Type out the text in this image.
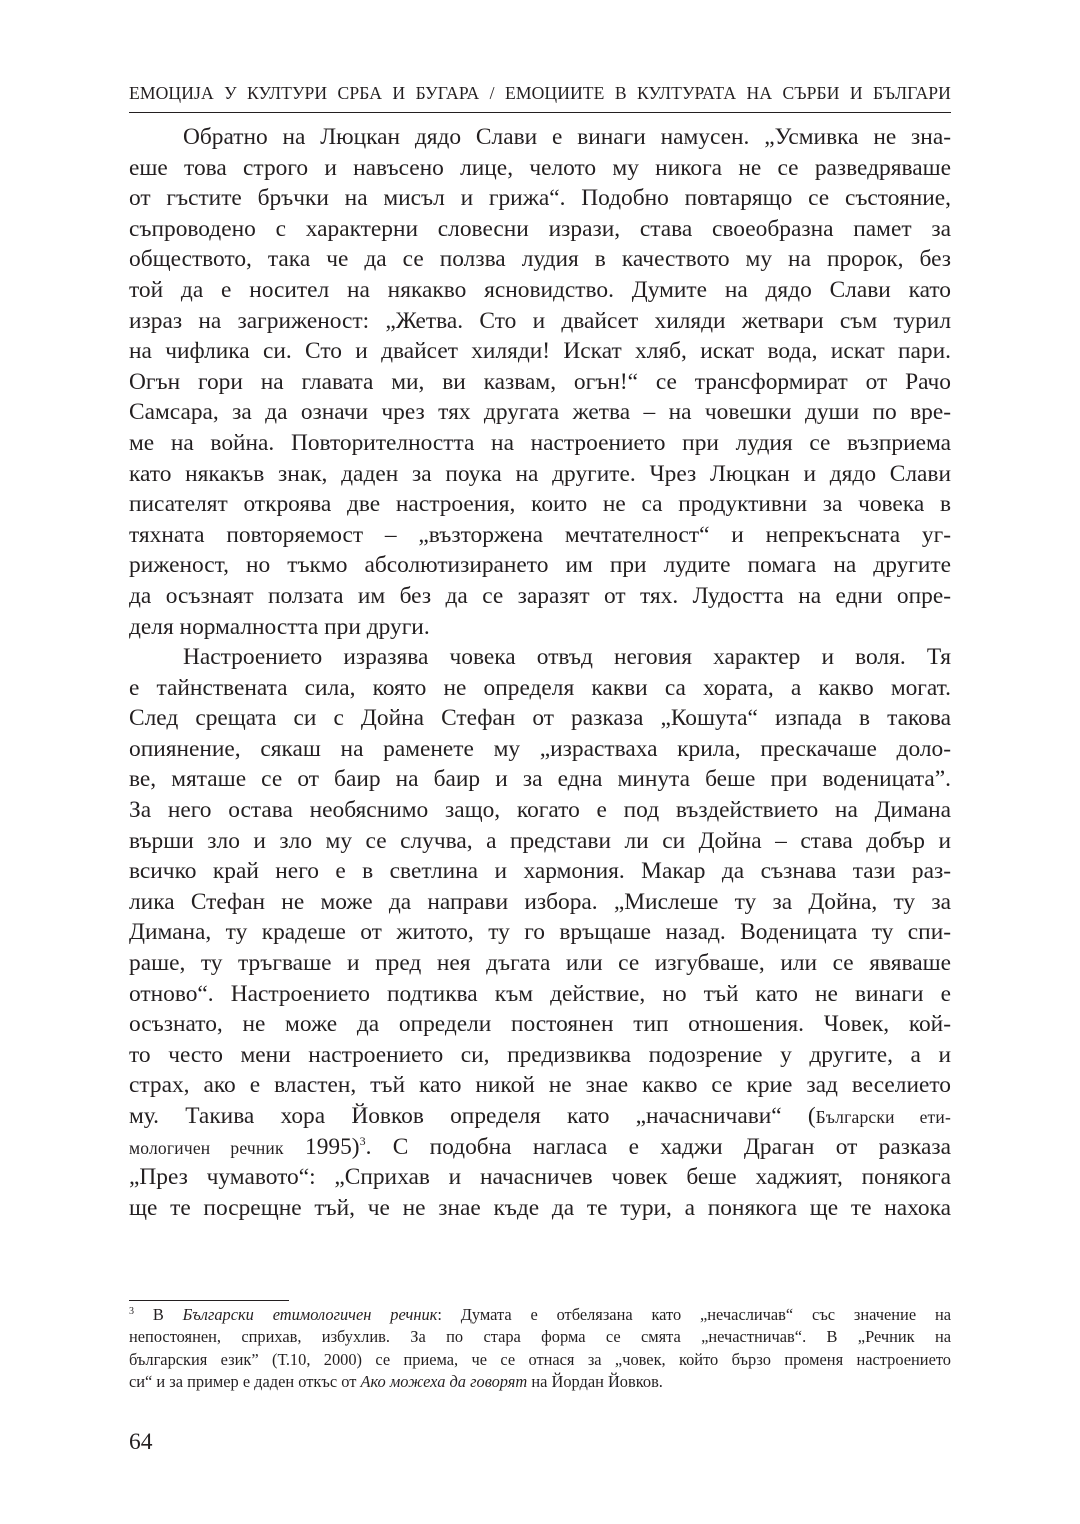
ЕМОЦИЈА У КУЛТУРИ СРБА И БУГАРА / ЕМОЦИИТЕ В КУЛТУРАТА НА СЪРБИ И БЪЛГАРИ
Обратно на Люцкан дядо Слави е винаги намусен. „Усмивка не зна-
еше това строго и навъсено лице, челото му никога не се разведряваше
от гъстите бръчки на мисъл и грижа“. Подобно повтарящо се състояние,
съпроводено с характерни словесни изрази, става своеобразна памет за
обществото, така че да се ползва лудия в качеството му на пророк, без
той да е носител на някакво ясновидство. Думите на дядо Слави като
израз на загриженост: „Жетва. Сто и двайсет хиляди жетвари съм турил
на чифлика си. Сто и двайсет хиляди! Искат хляб, искат вода, искат пари.
Огън гори на главата ми, ви казвам, огън!“ се трансформират от Рачо
Самсара, за да означи чрез тях другата жетва – на човешки души по вре-
ме на война. Повторителността на настроението при лудия се възприема
като някакъв знак, даден за поука на другите. Чрез Люцкан и дядо Слави
писателят откроява две настроения, които не са продуктивни за човека в
тяхната повторяемост – „възторжена мечтателност“ и непрекъсната уг-
риженост, но тъкмо абсолютизирането им при лудите помага на другите
да осъзнаят ползата им без да се заразят от тях. Лудостта на едни опре-
деля нормалността при други.
Настроението изразява човека отвъд неговия характер и воля. Тя
е тайнствената сила, която не определя какви са хората, а какво могат.
След срещата си с Дойна Стефан от разказа „Кошута“ изпада в такова
опиянение, сякаш на раменете му „израстваха крила, прескачаше доло-
ве, мяташе се от баир на баир и за една минута беше при воденицата”.
За него остава необяснимо защо, когато е под въздействието на Димана
върши зло и зло му се случва, а представи ли си Дойна – става добър и
всичко край него е в светлина и хармония. Макар да съзнава тази раз-
лика Стефан не може да направи избора. „Мислеше ту за Дойна, ту за
Димана, ту крадеше от житото, ту го връщаше назад. Воденицата ту спи-
раше, ту тръгваше и пред нея дъгата или се изгубваше, или се явяваше
отново“. Настроението подтиква към действие, но тъй като не винаги е
осъзнато, не може да определи постоянен тип отношения. Човек, кой-
то често мени настроението си, предизвиква подозрение у другите, а и
страх, ако е властен, тъй като никой не знае какво се крие зад веселието
му. Такива хора Йовков определя като „начасничави“ (Български ети-
мологичен речник 1995)$^3$. С подобна нагласа е хаджи Драган от разказа
„През чумавото“: „Сприхав и начасничев човек беше хаджият, понякога
ще те посрещне тъй, че не знае къде да те тури, а понякога ще те нахока
$^3$ В Български етимологичен речник: Думата е отбелязана като „нечасличав“ със значение на
непостоянен, сприхав, избухлив. За по стара форма се смята „нечастничав“. В „Речник на
българския език” (Т.10, 2000) се приема, че се отнася за „човек, който бързо променя настроението
си“ и за пример е даден откъс от Ако можеха да говорят на Йордан Йовков.
64
